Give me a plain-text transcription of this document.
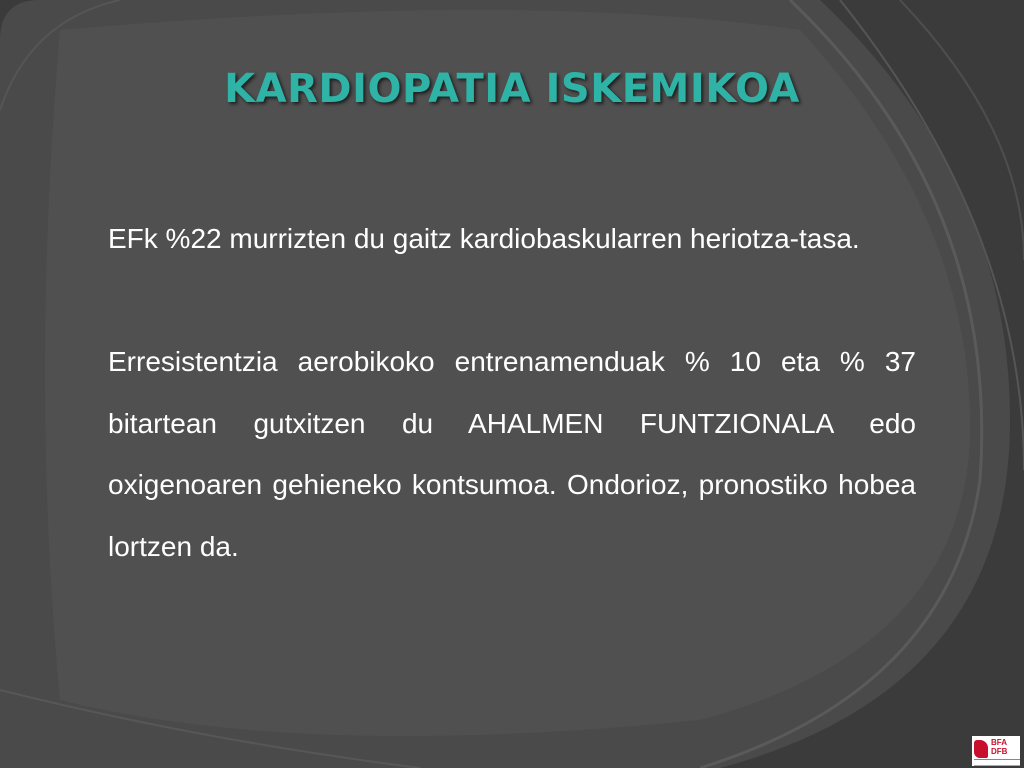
KARDIOPATIA ISKEMIKOA

EFk %22 murrizten du gaitz kardiobaskularren heriotza-tasa.

Erresistentzia aerobikoko entrenamenduak % 10 eta % 37 bitartean gutxitzen du AHALMEN FUNTZIONALA edo oxigenoaren gehieneko kontsumoa. Ondorioz, pronostiko hobea lortzen da.

BFA
DFB
